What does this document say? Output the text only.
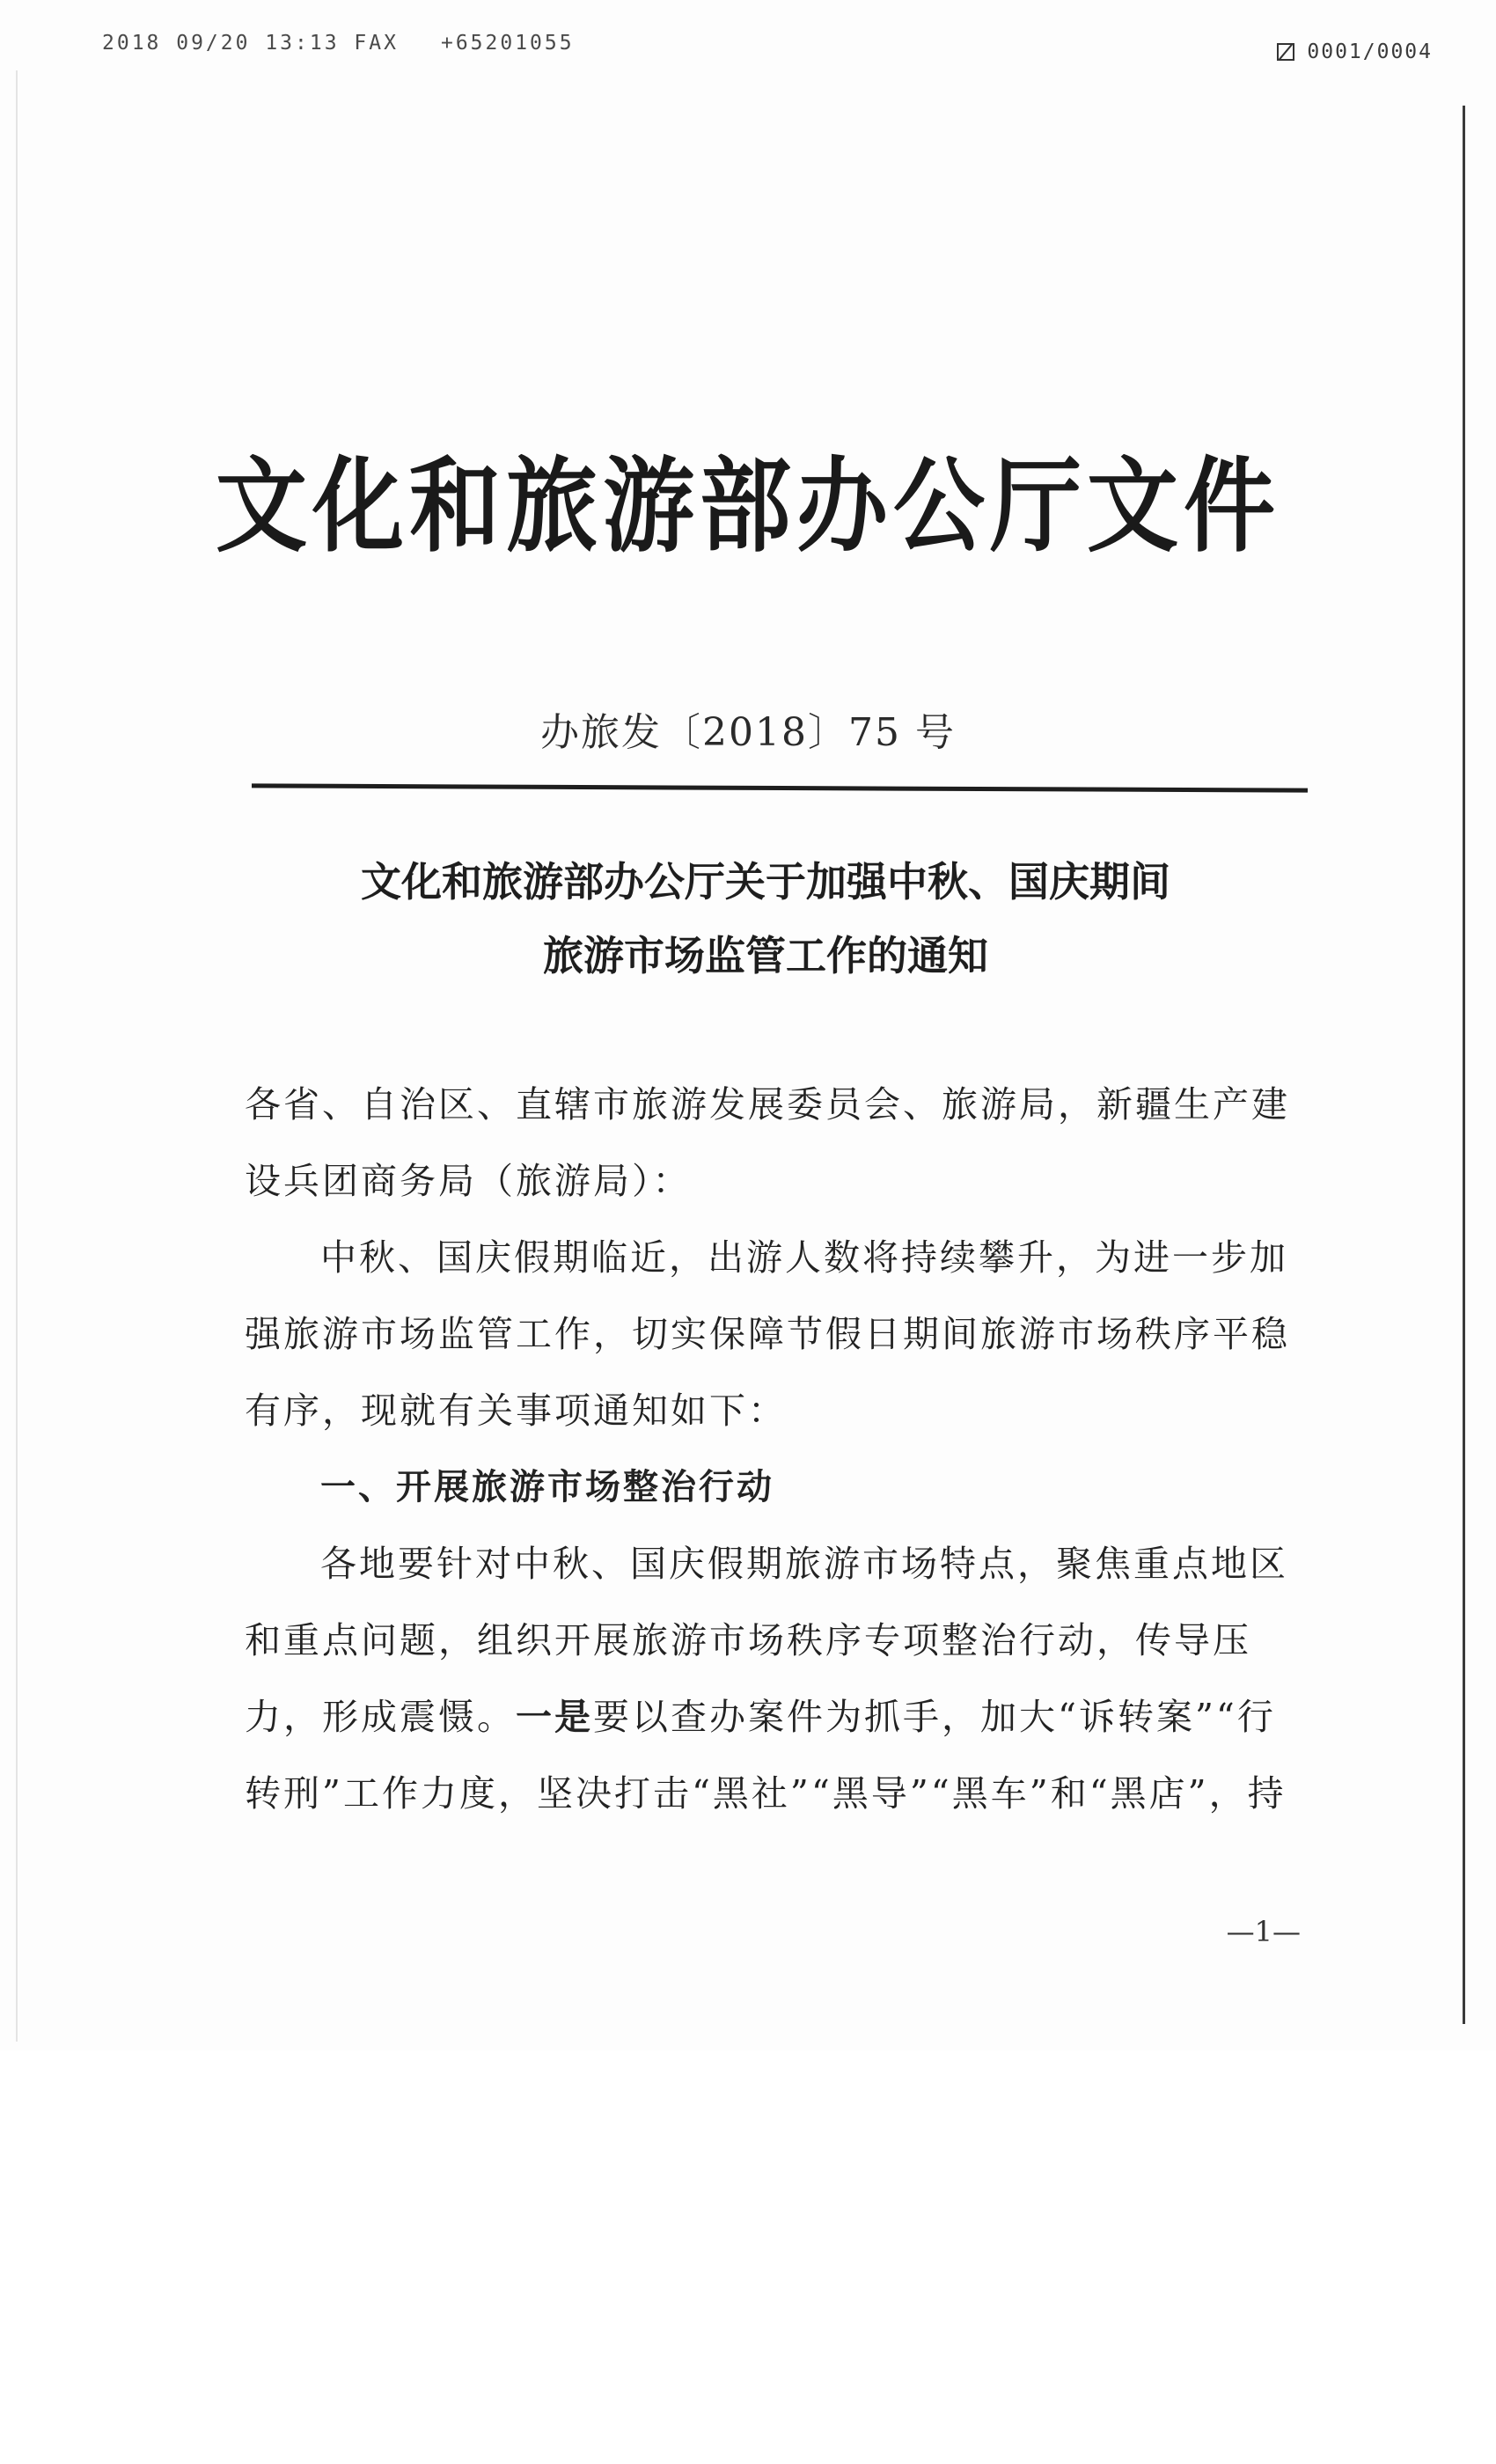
2018 09/20 13:13 FAX +65201055	0001/0004
文化和旅游部办公厅文件
办旅发〔2018〕75 号
文化和旅游部办公厅关于加强中秋、国庆期间
旅游市场监管工作的通知

各省、自治区、直辖市旅游发展委员会、旅游局，新疆生产建设兵团商务局（旅游局）：

中秋、国庆假期临近，出游人数将持续攀升，为进一步加强旅游市场监管工作，切实保障节假日期间旅游市场秩序平稳有序，现就有关事项通知如下：

一、开展旅游市场整治行动

各地要针对中秋、国庆假期旅游市场特点，聚焦重点地区和重点问题，组织开展旅游市场秩序专项整治行动，传导压力，形成震慑。一是要以查办案件为抓手，加大“诉转案”“行转刑”工作力度，坚决打击“黑社”“黑导”“黑车”和“黑店”，持

—1—
